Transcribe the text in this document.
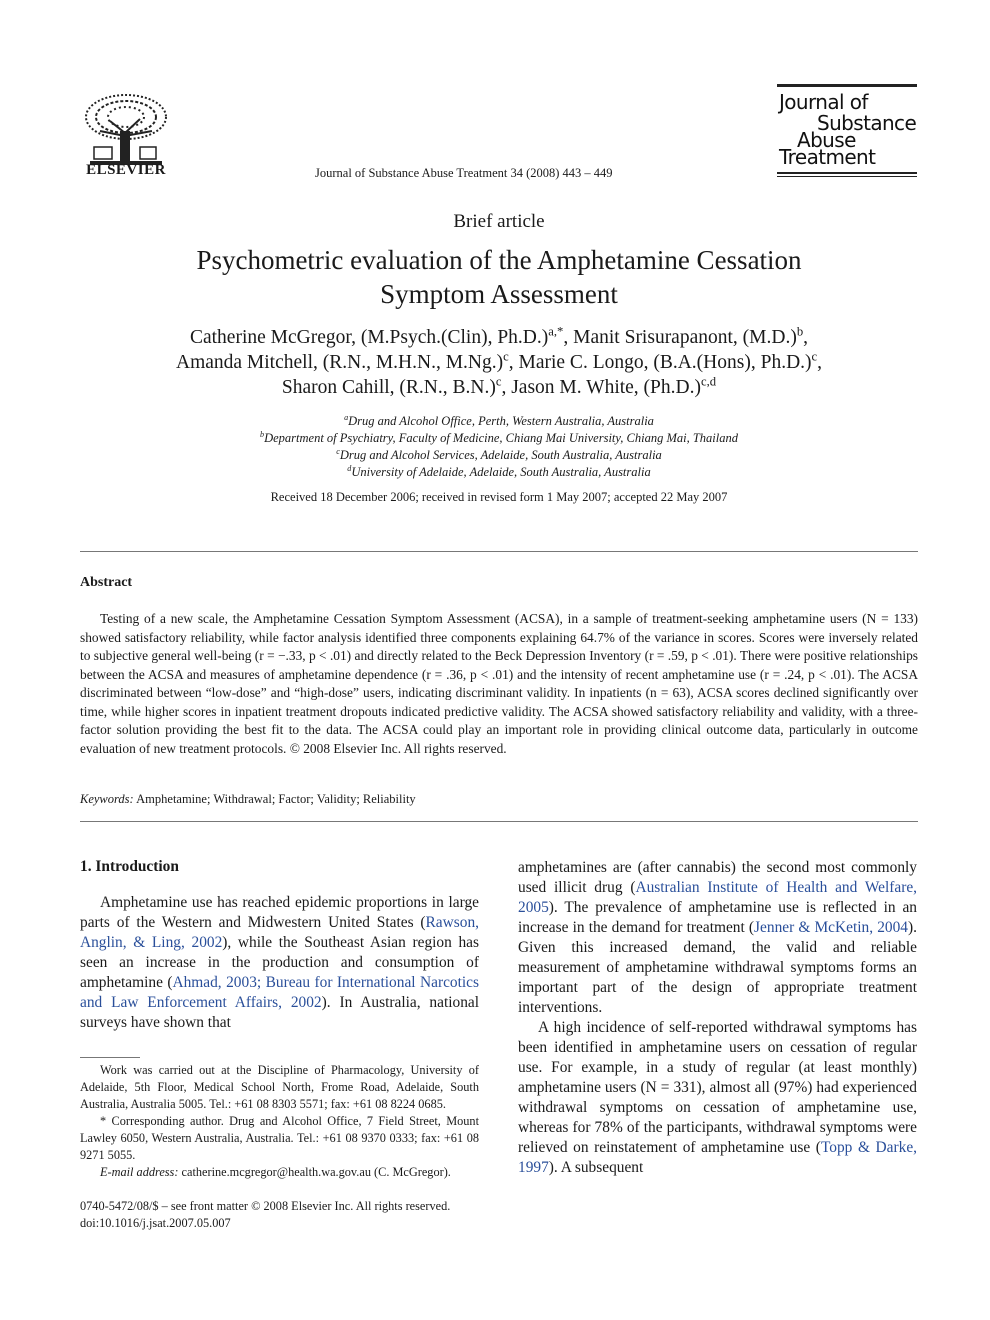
ELSEVIER	Journal of Substance Abuse Treatment 34 (2008) 443 – 449
Journal of
Substance
Abuse
Treatment
Brief article
Psychometric evaluation of the Amphetamine Cessation
Symptom Assessment
Catherine McGregor, (M.Psych.(Clin), Ph.D.)$^{a,*}$, Manit Srisurapanont, $(M.D.)^b$,
Amanda Mitchell, (R.N., M.H.N., M.Ng.)$^c$, Marie C. Longo, (B.A.(Hons), Ph.D.)$^c$,
Sharon Cahill, (R.N., B.N.)$^c$, Jason M. White, $(Ph.D.)^{c,d}$
$^a$Drug and Alcohol Office, Perth, Western Australia, Australia
$^b$Department of Psychiatry, Faculty of Medicine, Chiang Mai University, Chiang Mai, Thailand
$^c$Drug and Alcohol Services, Adelaide, South Australia, Australia
$^d$University of Adelaide, Adelaide, South Australia, Australia
Received 18 December 2006; received in revised form 1 May 2007; accepted 22 May 2007
Abstract
Testing of a new scale, the Amphetamine Cessation Symptom Assessment (ACSA), in a sample of treatment-seeking amphetamine users (N = 133) showed satisfactory reliability, while factor analysis identified three components explaining 64.7% of the variance in scores. Scores were inversely related to subjective general well-being (r = −.33, p < .01) and directly related to the Beck Depression Inventory (r = .59, p < .01). There were positive relationships between the ACSA and measures of amphetamine dependence (r = .36, p < .01) and the intensity of recent amphetamine use (r = .24, p < .01). The ACSA discriminated between “low-dose” and “high-dose” users, indicating discriminant validity. In inpatients (n = 63), ACSA scores declined significantly over time, while higher scores in inpatient treatment dropouts indicated predictive validity. The ACSA showed satisfactory reliability and validity, with a three-factor solution providing the best fit to the data. The ACSA could play an important role in providing clinical outcome data, particularly in outcome evaluation of new treatment protocols. © 2008 Elsevier Inc. All rights reserved.
Keywords: Amphetamine; Withdrawal; Factor; Validity; Reliability
1. Introduction

Amphetamine use has reached epidemic proportions in large parts of the Western and Midwestern United States (Rawson, Anglin, & Ling, 2002), while the Southeast Asian region has seen an increase in the production and consumption of amphetamine (Ahmad, 2003; Bureau for International Narcotics and Law Enforcement Affairs, 2002). In Australia, national surveys have shown that

amphetamines are (after cannabis) the second most commonly used illicit drug (Australian Institute of Health and Welfare, 2005). The prevalence of amphetamine use is reflected in an increase in the demand for treatment (Jenner & McKetin, 2004). Given this increased demand, the valid and reliable measurement of amphetamine withdrawal symptoms forms an important part of the design of appropriate treatment interventions.

A high incidence of self-reported withdrawal symptoms has been identified in amphetamine users on cessation of regular use. For example, in a study of regular (at least monthly) amphetamine users (N = 331), almost all (97%) had experienced withdrawal symptoms on cessation of amphetamine use, whereas for 78% of the participants, withdrawal symptoms were relieved on reinstatement of amphetamine use (Topp & Darke, 1997). A subsequent

Work was carried out at the Discipline of Pharmacology, University of Adelaide, 5th Floor, Medical School North, Frome Road, Adelaide, South Australia, Australia 5005. Tel.: +61 08 8303 5571; fax: +61 08 8224 0685.

* Corresponding author. Drug and Alcohol Office, 7 Field Street, Mount Lawley 6050, Western Australia, Australia. Tel.: +61 08 9370 0333; fax: +61 08 9271 5055.

E-mail address: catherine.mcgregor@health.wa.gov.au (C. McGregor).

0740-5472/08/$ – see front matter © 2008 Elsevier Inc. All rights reserved.
doi:10.1016/j.jsat.2007.05.007
